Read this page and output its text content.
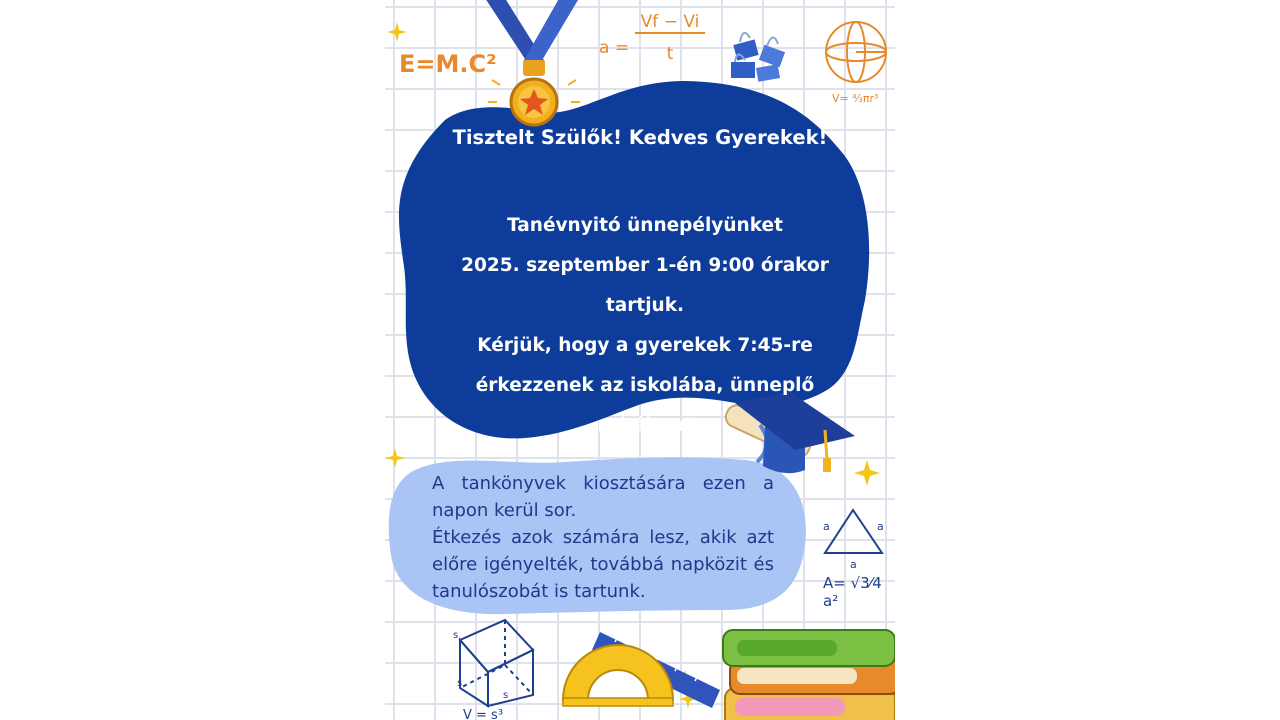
E=M.C²
a =
Vf − Vi
t
V= ⁴⁄₃πr³
a	a
a
A= √3⁄4 a²
s
s
s
V = s³

Tisztelt Szülők! Kedves Gyerekek!

Tanévnyitó ünnepélyünket
2025. szeptember 1-én 9:00 órakor
tartjuk.
Kérjük, hogy a gyerekek 7:45-re
érkezzenek az iskolába, ünneplő
ruhában!

A tankönyvek kiosztására ezen a napon kerül sor.
Étkezés azok számára lesz, akik azt előre igényelték, továbbá napközit és tanulószobát is tartunk.
